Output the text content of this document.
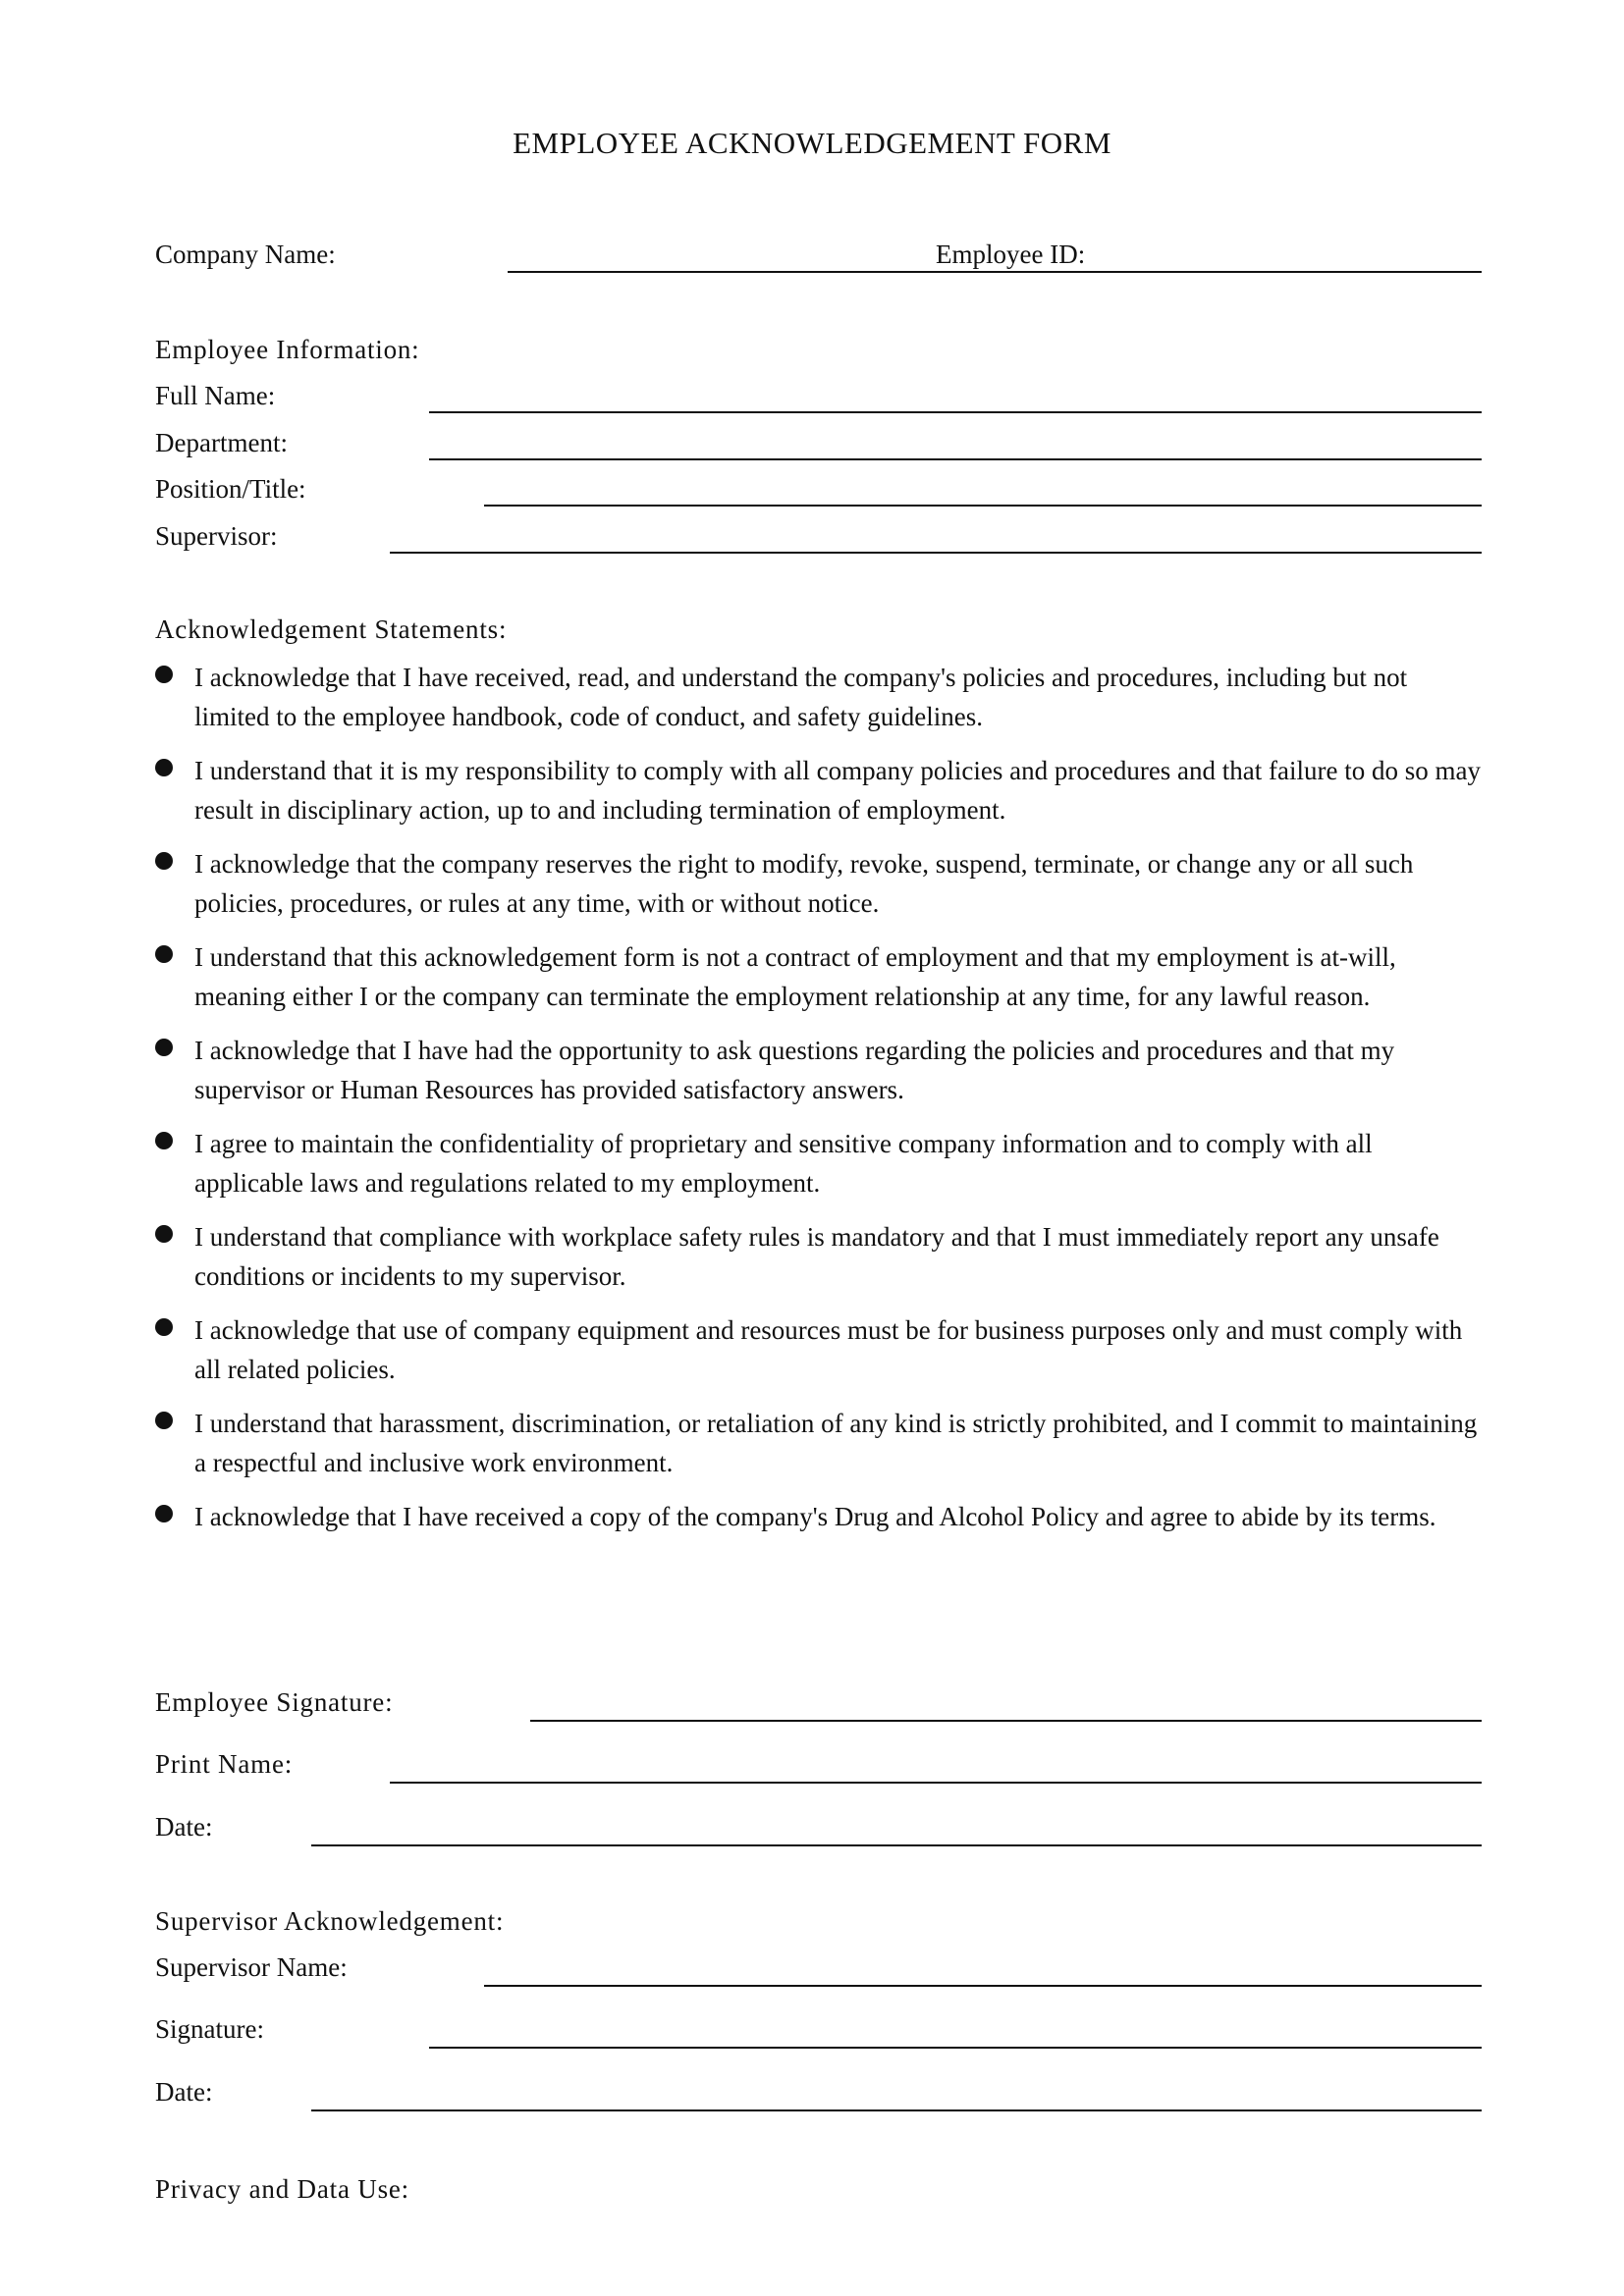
EMPLOYEE ACKNOWLEDGEMENT FORM
Company Name:	Employee ID:
Employee Information:
Full Name:
Department:
Position/Title:
Supervisor:
Acknowledgement Statements:
I acknowledge that I have received, read, and understand the company's policies and procedures, including but not limited to the employee handbook, code of conduct, and safety guidelines.
I understand that it is my responsibility to comply with all company policies and procedures and that failure to do so may result in disciplinary action, up to and including termination of employment.
I acknowledge that the company reserves the right to modify, revoke, suspend, terminate, or change any or all such policies, procedures, or rules at any time, with or without notice.
I understand that this acknowledgement form is not a contract of employment and that my employment is at-will, meaning either I or the company can terminate the employment relationship at any time, for any lawful reason.
I acknowledge that I have had the opportunity to ask questions regarding the policies and procedures and that my supervisor or Human Resources has provided satisfactory answers.
I agree to maintain the confidentiality of proprietary and sensitive company information and to comply with all applicable laws and regulations related to my employment.
I understand that compliance with workplace safety rules is mandatory and that I must immediately report any unsafe conditions or incidents to my supervisor.
I acknowledge that use of company equipment and resources must be for business purposes only and must comply with all related policies.
I understand that harassment, discrimination, or retaliation of any kind is strictly prohibited, and I commit to maintaining a respectful and inclusive work environment.
I acknowledge that I have received a copy of the company's Drug and Alcohol Policy and agree to abide by its terms.
Employee Signature:
Print Name:
Date:
Supervisor Acknowledgement:
Supervisor Name:
Signature:
Date:
Privacy and Data Use:
